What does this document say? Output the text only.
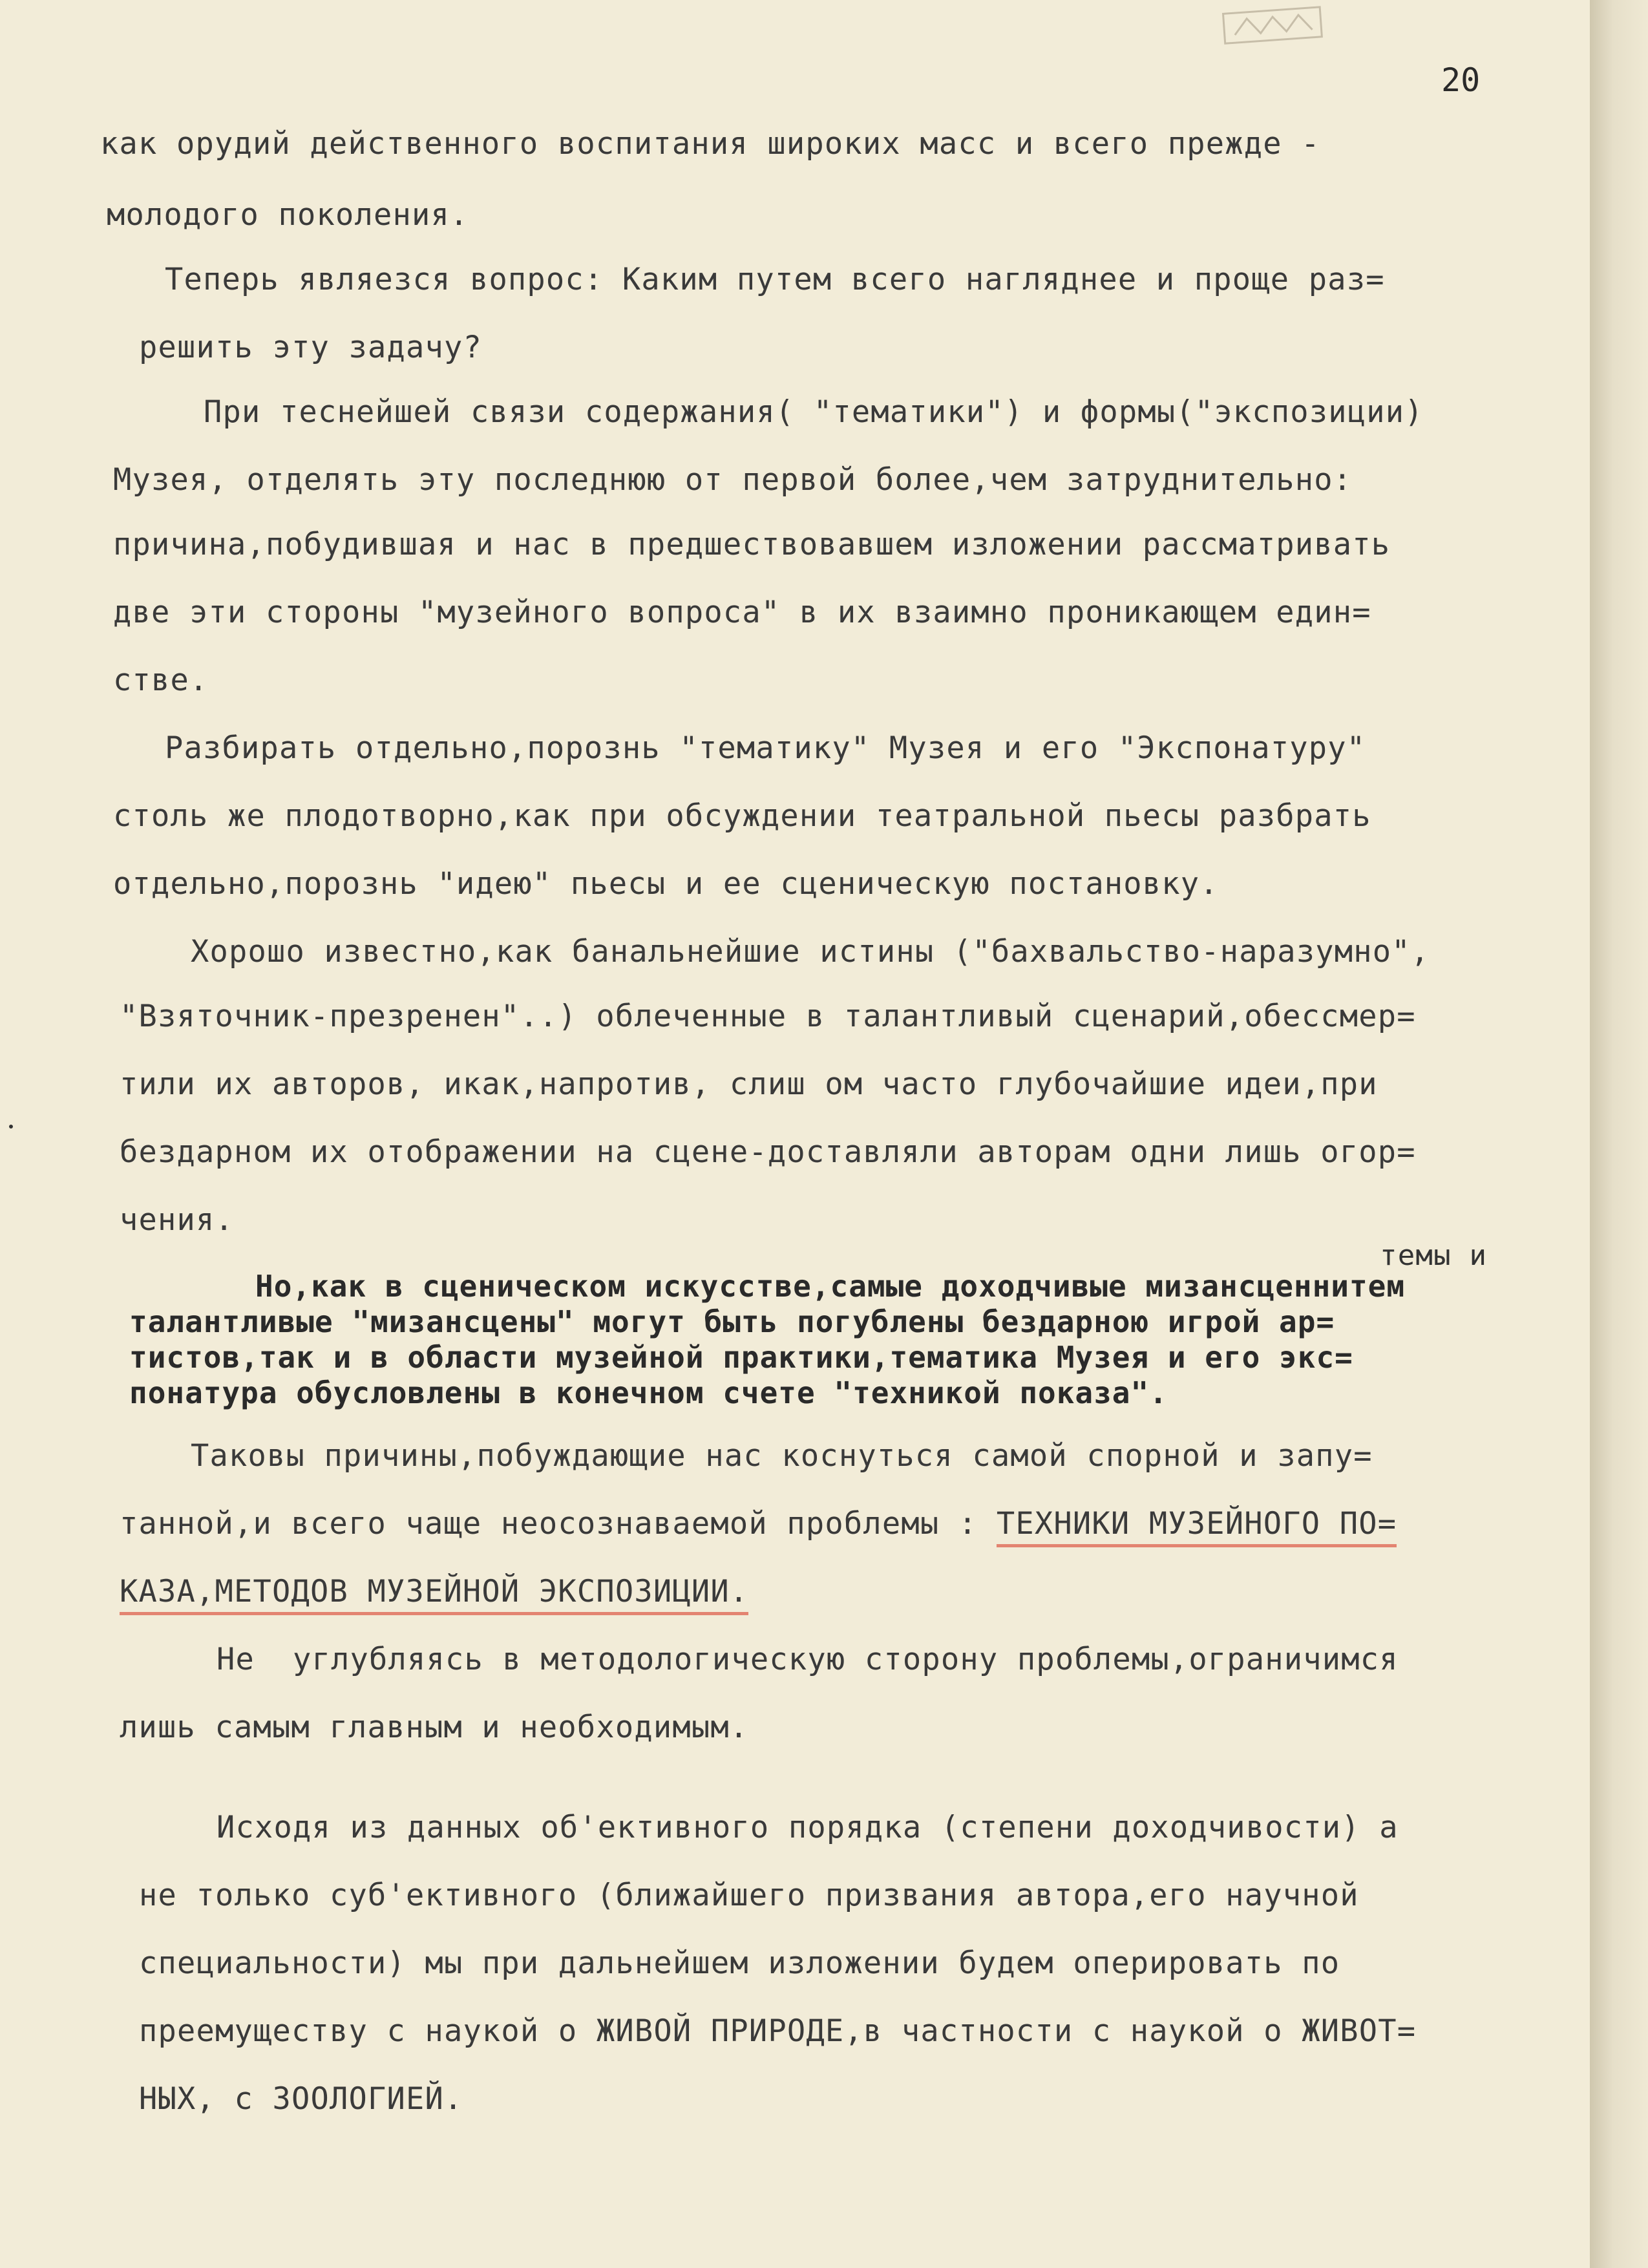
20
как орудий действенного воспитания широких масс и всего прежде -
молодого поколения.
Теперь являезся вопрос: Каким путем всего нагляднее и проще раз=
решить эту задачу?
При теснейшей связи содержания( "тематики") и формы("экспозиции)
Музея, отделять эту последнюю от первой более,чем затруднительно:
причина,побудившая и нас в предшествовавшем изложении рассматривать
две эти стороны "музейного вопроса" в их взаимно проникающем един=
стве.
Разбирать отдельно,порознь "тематику" Музея и его "Экспонатуру"
столь же плодотворно,как при обсуждении театральной пьесы разбрать
отдельно,порознь "идею" пьесы и ее сценическую постановку.
Хорошо известно,как банальнейшие истины ("бахвальство-наразумно",
"Взяточник-презренен"..) облеченные в талантливый сценарий,обессмер=
тили их авторов, икак,напротив, слиш ом часто глубочайшие идеи,при
бездарном их отображении на сцене-доставляли авторам одни лишь огор=
чения.
темы и
Но,как в сценическом искусстве,самые доходчивые мизансценнитем
талантливые "мизансцены" могут быть погублены бездарною игрой ар=
тистов,так и в области музейной практики,тематика Музея и его экс=
понатура обусловлены в конечном счете "техникой показа".
Таковы причины,побуждающие нас коснуться самой спорной и запу=
танной,и всего чаще неосознаваемой проблемы : ТЕХНИКИ МУЗЕЙНОГО ПО=
КАЗА,МЕТОДОВ МУЗЕЙНОЙ ЭКСПОЗИЦИИ.
Не  углубляясь в методологическую сторону проблемы,ограничимся
лишь самым главным и необходимым.
Исходя из данных об'ективного порядка (степени доходчивости) а
не только суб'ективного (ближайшего призвания автора,его научной
специальности) мы при дальнейшем изложении будем оперировать по
преемуществу с наукой о ЖИВОЙ ПРИРОДЕ,в частности с наукой о ЖИВОТ=
НЫХ, с ЗООЛОГИЕЙ.
